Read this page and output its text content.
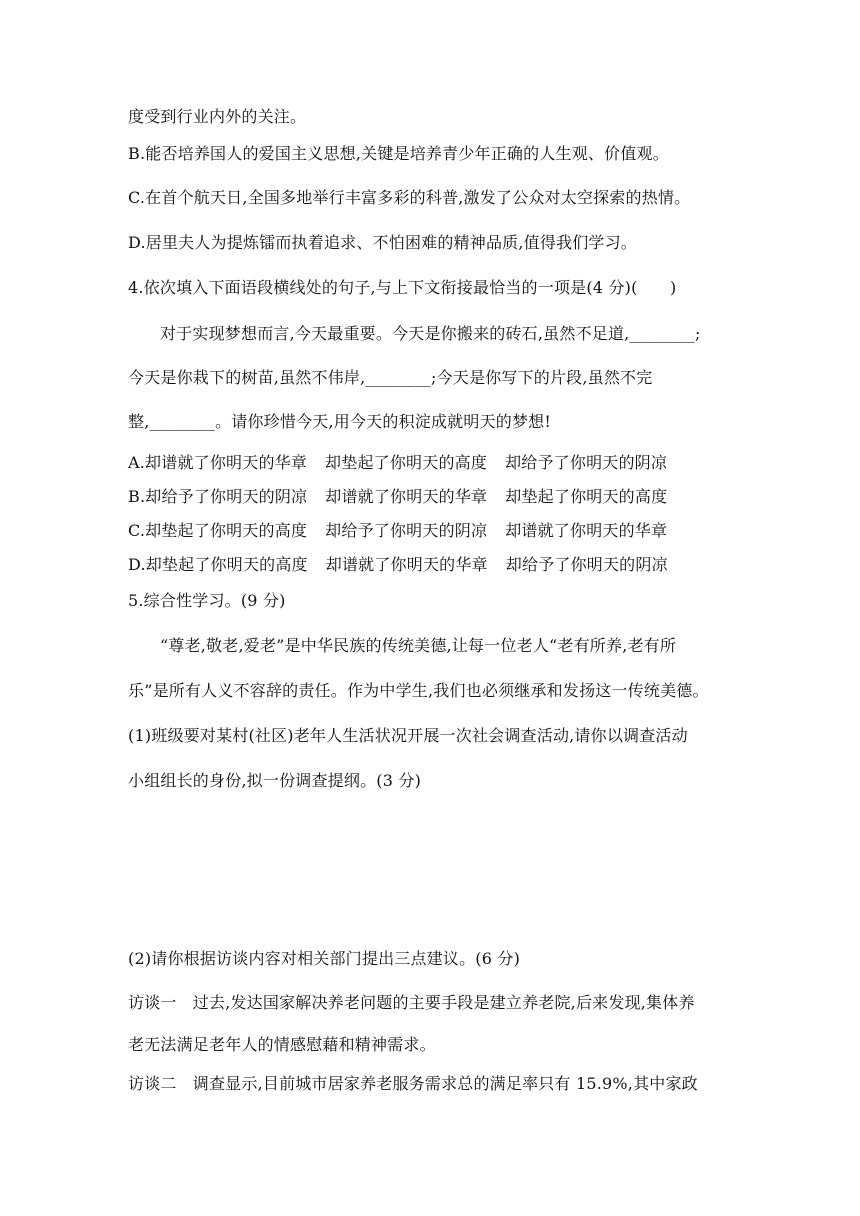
度受到行业内外的关注。
B.能否培养国人的爱国主义思想,关键是培养青少年正确的人生观、价值观。
C.在首个航天日,全国多地举行丰富多彩的科普,激发了公众对太空探索的热情。
D.居里夫人为提炼镭而执着追求、不怕困难的精神品质,值得我们学习。
4.依次填入下面语段横线处的句子,与上下文衔接最恰当的一项是(4 分)(　　)
对于实现梦想而言,今天最重要。今天是你搬来的砖石,虽然不足道,________;
今天是你栽下的树苗,虽然不伟岸,________;今天是你写下的片段,虽然不完
整,________。请你珍惜今天,用今天的积淀成就明天的梦想!
A.却谱就了你明天的华章 却垫起了你明天的高度 却给予了你明天的阴凉
B.却给予了你明天的阴凉 却谱就了你明天的华章 却垫起了你明天的高度
C.却垫起了你明天的高度 却给予了你明天的阴凉 却谱就了你明天的华章
D.却垫起了你明天的高度 却谱就了你明天的华章 却给予了你明天的阴凉
5.综合性学习。(9 分)
“尊老,敬老,爱老”是中华民族的传统美德,让每一位老人“老有所养,老有所
乐”是所有人义不容辞的责任。作为中学生,我们也必须继承和发扬这一传统美德。
(1)班级要对某村(社区)老年人生活状况开展一次社会调查活动,请你以调查活动
小组组长的身份,拟一份调查提纲。(3 分)
(2)请你根据访谈内容对相关部门提出三点建议。(6 分)
访谈一　过去,发达国家解决养老问题的主要手段是建立养老院,后来发现,集体养
老无法满足老年人的情感慰藉和精神需求。
访谈二　调查显示,目前城市居家养老服务需求总的满足率只有 15.9%,其中家政
